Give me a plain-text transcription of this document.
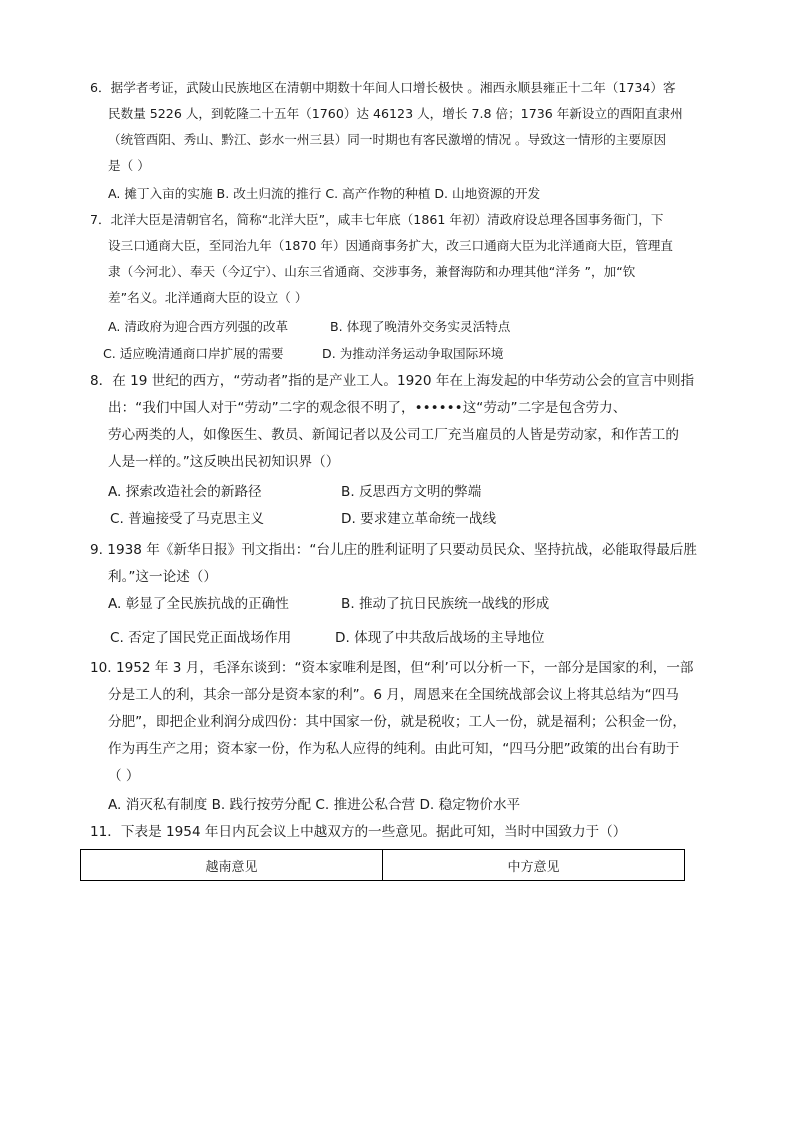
6．据学者考证，武陵山民族地区在清朝中期数十年间人口增长极快 。湘西永顺县雍正十二年（1734）客
民数量 5226 人，到乾隆二十五年（1760）达 46123 人，增长 7.8 倍；1736 年新设立的酉阳直隶州
（统管酉阳、秀山、黔江、彭水一州三县）同一时期也有客民激增的情况 。导致这一情形的主要原因
是（ ）
A. 摊丁入亩的实施 B. 改土归流的推行 C. 高产作物的种植 D. 山地资源的开发
7．北洋大臣是清朝官名，简称“北洋大臣”，咸丰七年底（1861 年初）清政府设总理各国事务衙门，下
设三口通商大臣，至同治九年（1870 年）因通商事务扩大，改三口通商大臣为北洋通商大臣，管理直
隶（今河北）、奉天（今辽宁）、山东三省通商、交涉事务，兼督海防和办理其他“洋务 ”，加“钦
差”名义。北洋通商大臣的设立（ ）
A. 清政府为迎合西方列强的改革	B. 体现了晚清外交务实灵活特点
C. 适应晚清通商口岸扩展的需要	D. 为推动洋务运动争取国际环境
8．在 19 世纪的西方，“劳动者”指的是产业工人。1920 年在上海发起的中华劳动公会的宣言中则指
出：“我们中国人对于“劳动”二字的观念很不明了，••••••这“劳动”二字是包含劳力、
劳心两类的人，如像医生、教员、新闻记者以及公司工厂充当雇员的人皆是劳动家，和作苦工的
人是一样的。”这反映出民初知识界（）
A. 探索改造社会的新路径	B. 反思西方文明的弊端
C. 普遍接受了马克思主义	D. 要求建立革命统一战线
9. 1938 年《新华日报》刊文指出：“台儿庄的胜利证明了只要动员民众、坚持抗战，必能取得最后胜
利。”这一论述（）
A. 彰显了全民族抗战的正确性	B. 推动了抗日民族统一战线的形成
C. 否定了国民党正面战场作用	D. 体现了中共敌后战场的主导地位
10. 1952 年 3 月，毛泽东谈到：“资本家唯利是图，但“利’可以分析一下，一部分是国家的利，一部
分是工人的利，其余一部分是资本家的利”。6 月，周恩来在全国统战部会议上将其总结为“四马
分肥”，即把企业利润分成四份：其中国家一份，就是税收；工人一份，就是福利；公积金一份，
作为再生产之用；资本家一份，作为私人应得的纯利。由此可知，“四马分肥”政策的出台有助于
（ ）
A. 消灭私有制度 B. 践行按劳分配 C. 推进公私合营 D. 稳定物价水平
11．下表是 1954 年日内瓦会议上中越双方的一些意见。据此可知，当时中国致力于（）
越南意见	中方意见
